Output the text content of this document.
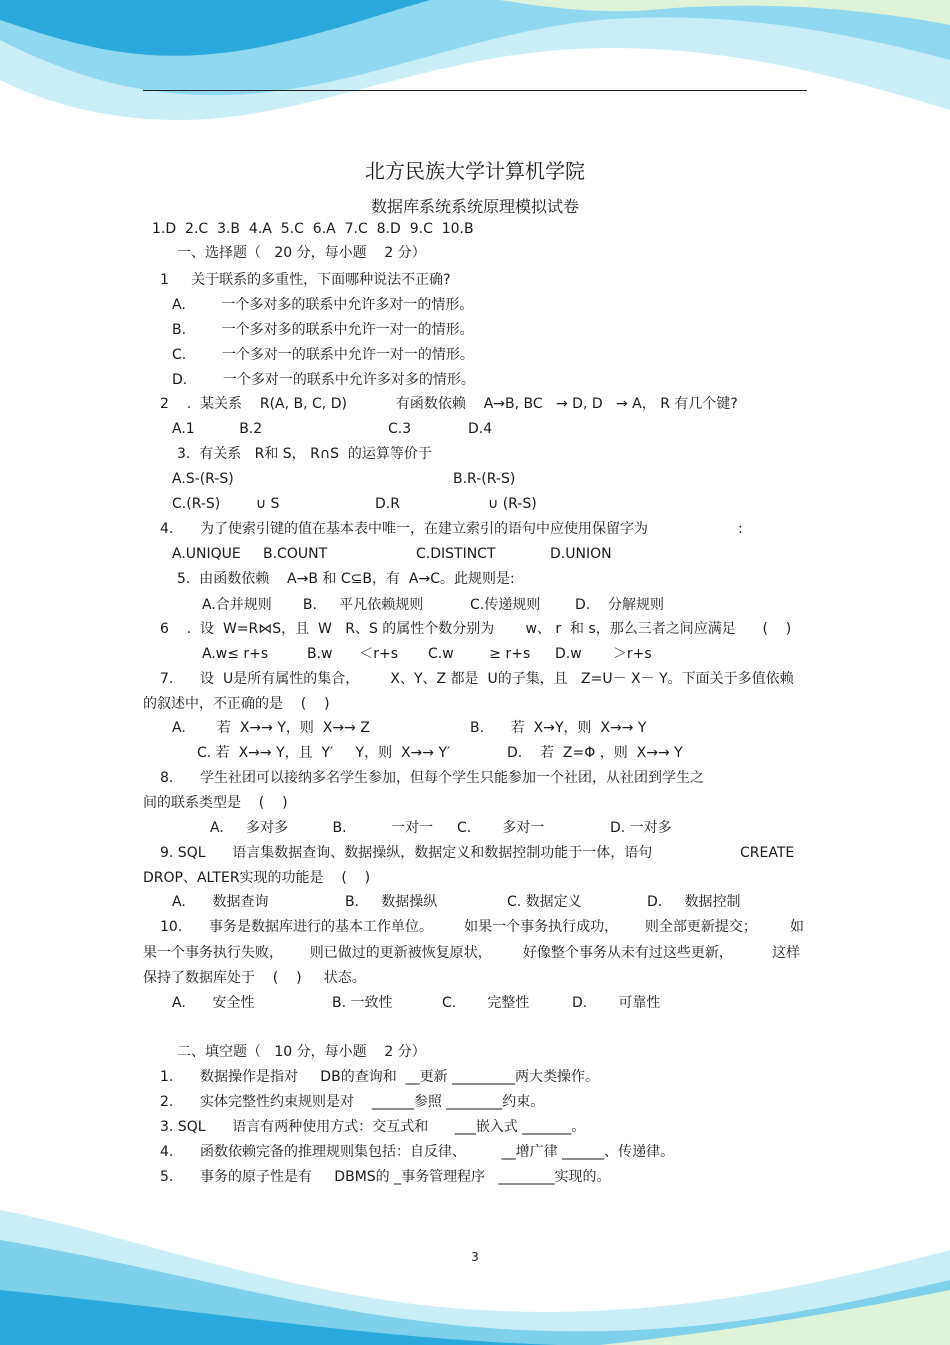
北方民族大学计算机学院
数据库系统系统原理模拟试卷
1.D  2.C  3.B  4.A  5.C  6.A  7.C  8.D  9.C  10.B
一、选择题（   20 分，每小题    2 分）
1     关于联系的多重性，下面哪种说法不正确?
A.        一个多对多的联系中允许多对一的情形。
B.        一个多对多的联系中允许一对一的情形。
C.        一个多对一的联系中允许一对一的情形。
D.        一个多对一的联系中允许多对多的情形。
2    .  某关系    R(A, B, C, D)           有函数依赖    A→B, BC   → D, D   → A， R 有几个键?
A.1          B.2	C.3	D.4
3.  有关系   R和 S， R∩S  的运算等价于
A.S-(R-S)	B.R-(R-S)
C.(R-S)        ∪ S	D.R	∪ (R-S)
4.      为了使索引键的值在基本表中唯一，在建立索引的语句中应使用保留字为	:
A.UNIQUE     B.COUNT	C.DISTINCT	D.UNION
5.  由函数依赖    A→B 和 C⊆B，有  A→C。此规则是:
A.合并规则       B.     平凡依赖规则	C.传递规则 D.    分解规则
6    .  设  W=R⋈S，且  W   R、S 的属性个数分别为       w、 r  和 s，那么三者之间应满足      (    )
A.w≤ r+s	B.w      ＜r+s C.w        ≥ r+s D.w       ＞r+s
7.      设  U是所有属性的集合，       X、Y、Z 都是  U的子集，且   Z=U－ X－ Y。下面关于多值依赖
的叙述中，不正确的是    (    )
A.       若  X→→ Y，则  X→→ Z	B.      若  X→Y，则  X→→ Y
C. 若  X→→ Y，且  Y′     Y，则  X→→ Y′	D.    若  Z=Φ ，则  X→→ Y
8.      学生社团可以接纳多名学生参加，但每个学生只能参加一个社团，从社团到学生之
间的联系类型是    (    )
A.     多对多          B.          一对一 C.       多对一	D. 一对多
9. SQL      语言集数据查询、数据操纵，数据定义和数据控制功能于一体，语句	CREATE
DROP、ALTER实现的功能是    (    )
A.      数据查询	B.     数据操纵	C. 数据定义	D.     数据控制
10.      事务是数据库进行的基本工作单位。       如果一个事务执行成功，      则全部更新提交； 如
果一个事务执行失败，      则已做过的更新被恢复原状，       好像整个事务从未有过这些更新，	这样
保持了数据库处于    (    )     状态。
A.      安全性	B. 一致性	C.       完整性	D.       可靠性
二、填空题（   10 分，每小题    2 分）
1.      数据操作是指对     DB的查询和  __更新 _________两大类操作。
2.      实体完整性约束规则是对    ______参照 ________约束。
3. SQL      语言有两种使用方式：交互式和      ___嵌入式 _______。
4.      函数依赖完备的推理规则集包括：自反律、        __增广律 ______、传递律。
5.      事务的原子性是有     DBMS的 _事务管理程序   ________实现的。
3
